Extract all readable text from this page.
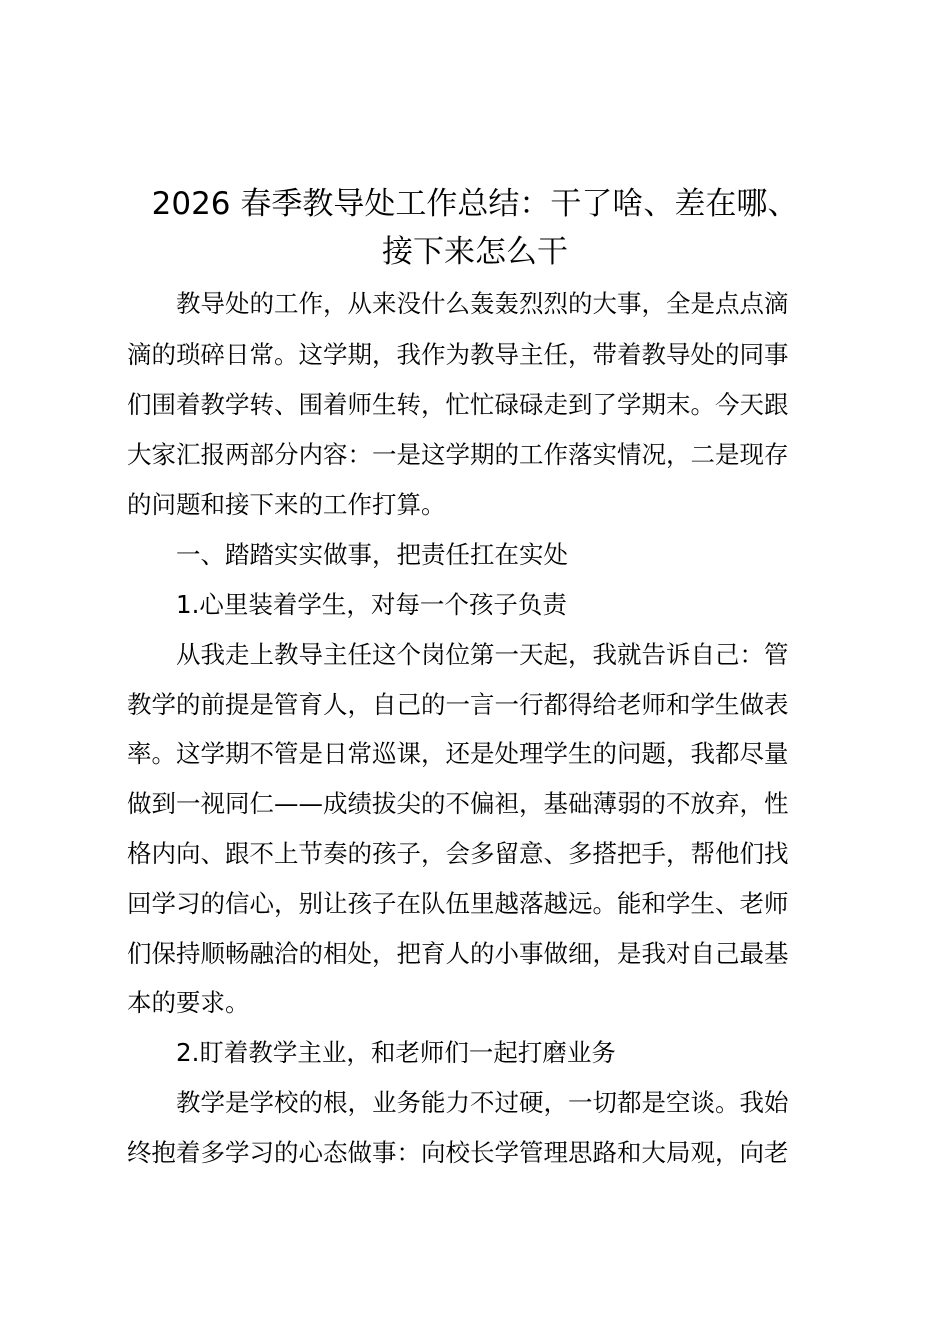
2026 春季教导处工作总结：干了啥、差在哪、
接下来怎么干
教导处的工作，从来没什么轰轰烈烈的大事，全是点点滴
滴的琐碎日常。这学期，我作为教导主任，带着教导处的同事
们围着教学转、围着师生转，忙忙碌碌走到了学期末。今天跟
大家汇报两部分内容：一是这学期的工作落实情况，二是现存
的问题和接下来的工作打算。
一、踏踏实实做事，把责任扛在实处
1.心里装着学生，对每一个孩子负责
从我走上教导主任这个岗位第一天起，我就告诉自己：管
教学的前提是管育人，自己的一言一行都得给老师和学生做表
率。这学期不管是日常巡课，还是处理学生的问题，我都尽量
做到一视同仁——成绩拔尖的不偏袒，基础薄弱的不放弃，性
格内向、跟不上节奏的孩子，会多留意、多搭把手，帮他们找
回学习的信心，别让孩子在队伍里越落越远。能和学生、老师
们保持顺畅融洽的相处，把育人的小事做细，是我对自己最基
本的要求。
2.盯着教学主业，和老师们一起打磨业务
教学是学校的根，业务能力不过硬，一切都是空谈。我始
终抱着多学习的心态做事：向校长学管理思路和大局观，向老
